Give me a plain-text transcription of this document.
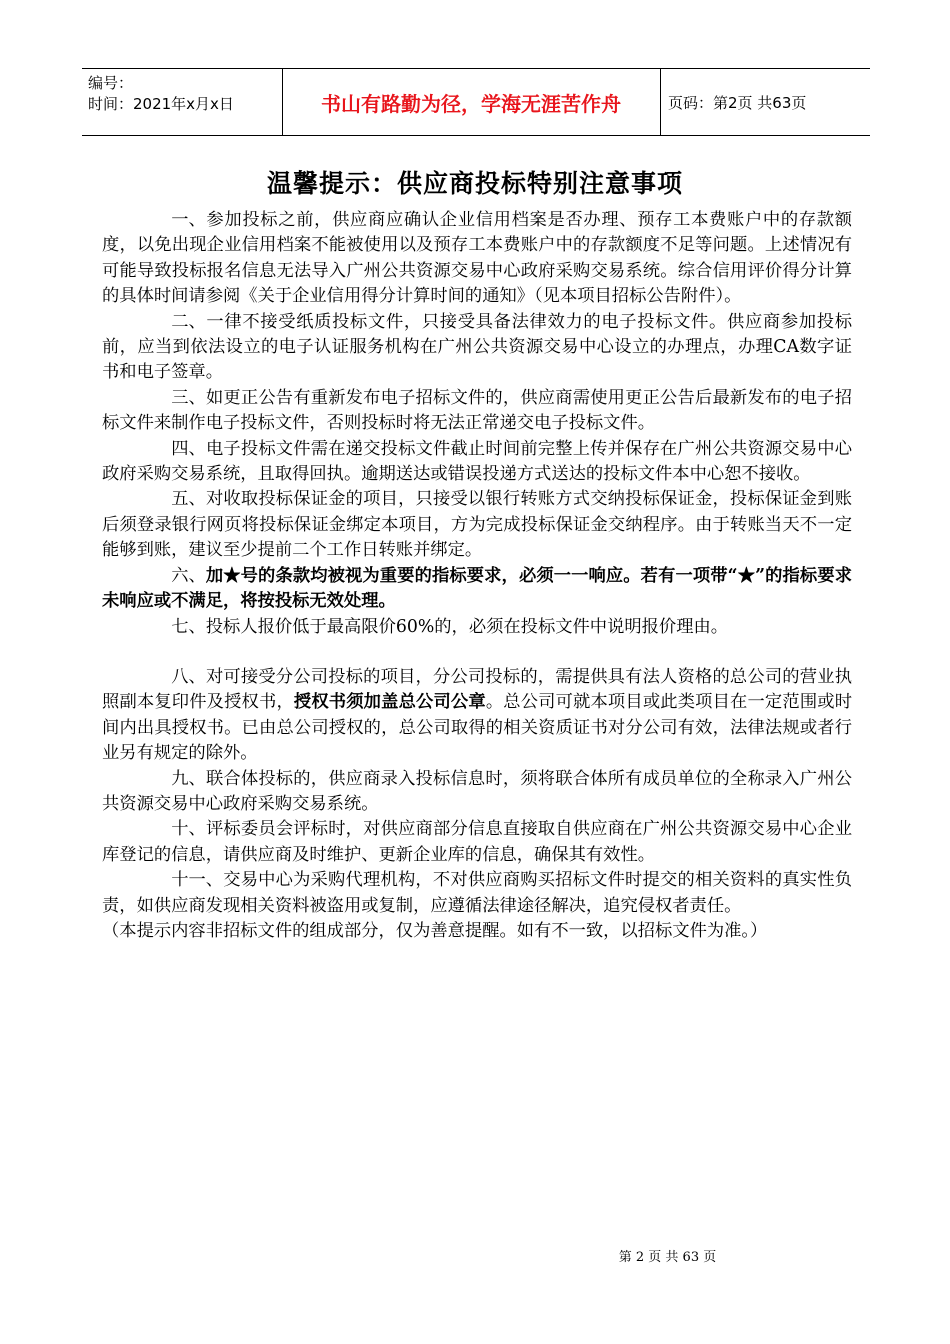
编号：
时间：2021年x月x日	书山有路勤为径，学海无涯苦作舟	页码：第2页 共63页
温馨提示：供应商投标特别注意事项

一、参加投标之前，供应商应确认企业信用档案是否办理、预存工本费账户中的存款额度，以免出现企业信用档案不能被使用以及预存工本费账户中的存款额度不足等问题。上述情况有可能导致投标报名信息无法导入广州公共资源交易中心政府采购交易系统。综合信用评价得分计算的具体时间请参阅《关于企业信用得分计算时间的通知》（见本项目招标公告附件）。

二、一律不接受纸质投标文件，只接受具备法律效力的电子投标文件。供应商参加投标前，应当到依法设立的电子认证服务机构在广州公共资源交易中心设立的办理点，办理CA数字证书和电子签章。

三、如更正公告有重新发布电子招标文件的，供应商需使用更正公告后最新发布的电子招标文件来制作电子投标文件，否则投标时将无法正常递交电子投标文件。

四、电子投标文件需在递交投标文件截止时间前完整上传并保存在广州公共资源交易中心政府采购交易系统，且取得回执。逾期送达或错误投递方式送达的投标文件本中心恕不接收。

五、对收取投标保证金的项目，只接受以银行转账方式交纳投标保证金，投标保证金到账后须登录银行网页将投标保证金绑定本项目，方为完成投标保证金交纳程序。由于转账当天不一定能够到账，建议至少提前二个工作日转账并绑定。

六、加★号的条款均被视为重要的指标要求，必须一一响应。若有一项带“★”的指标要求未响应或不满足，将按投标无效处理。

七、投标人报价低于最高限价60%的，必须在投标文件中说明报价理由。

八、对可接受分公司投标的项目，分公司投标的，需提供具有法人资格的总公司的营业执照副本复印件及授权书，授权书须加盖总公司公章。总公司可就本项目或此类项目在一定范围或时间内出具授权书。已由总公司授权的，总公司取得的相关资质证书对分公司有效，法律法规或者行业另有规定的除外。

九、联合体投标的，供应商录入投标信息时，须将联合体所有成员单位的全称录入广州公共资源交易中心政府采购交易系统。

十、评标委员会评标时，对供应商部分信息直接取自供应商在广州公共资源交易中心企业库登记的信息，请供应商及时维护、更新企业库的信息，确保其有效性。

十一、交易中心为采购代理机构，不对供应商购买招标文件时提交的相关资料的真实性负责，如供应商发现相关资料被盗用或复制，应遵循法律途径解决，追究侵权者责任。

（本提示内容非招标文件的组成部分，仅为善意提醒。如有不一致，以招标文件为准。）

第 2 页 共 63 页
